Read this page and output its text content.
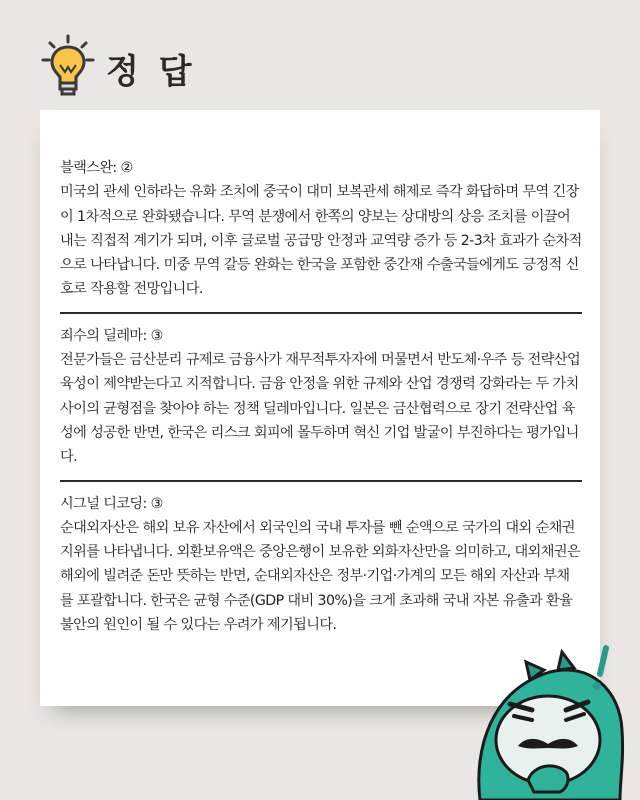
정 답
블랙스완: ②

미국의 관세 인하라는 유화 조치에 중국이 대미 보복관세 해제로 즉각 화답하며 무역 긴장이 1차적으로 완화됐습니다. 무역 분쟁에서 한쪽의 양보는 상대방의 상응 조치를 이끌어내는 직접적 계기가 되며, 이후 글로벌 공급망 안정과 교역량 증가 등 2-3차 효과가 순차적으로 나타납니다. 미중 무역 갈등 완화는 한국을 포함한 중간재 수출국들에게도 긍정적 신호로 작용할 전망입니다.

죄수의 딜레마: ③

전문가들은 금산분리 규제로 금융사가 재무적투자자에 머물면서 반도체·우주 등 전략산업 육성이 제약받는다고 지적합니다. 금융 안정을 위한 규제와 산업 경쟁력 강화라는 두 가치 사이의 균형점을 찾아야 하는 정책 딜레마입니다. 일본은 금산협력으로 장기 전략산업 육성에 성공한 반면, 한국은 리스크 회피에 몰두하며 혁신 기업 발굴이 부진하다는 평가입니다.

시그널 디코딩: ③

순대외자산은 해외 보유 자산에서 외국인의 국내 투자를 뺀 순액으로 국가의 대외 순채권 지위를 나타냅니다. 외환보유액은 중앙은행이 보유한 외화자산만을 의미하고, 대외채권은 해외에 빌려준 돈만 뜻하는 반면, 순대외자산은 정부·기업·가계의 모든 해외 자산과 부채를 포괄합니다. 한국은 균형 수준(GDP 대비 30%)을 크게 초과해 국내 자본 유출과 환율 불안의 원인이 될 수 있다는 우려가 제기됩니다.
